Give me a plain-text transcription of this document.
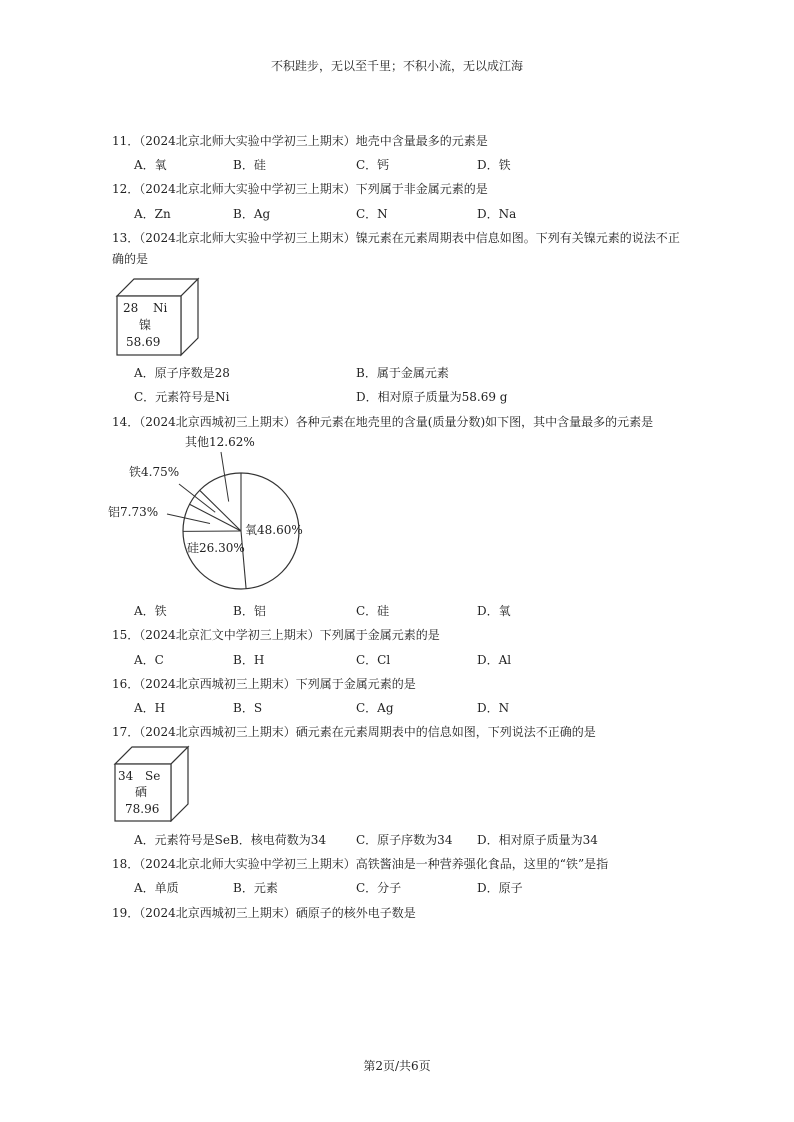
不积跬步，无以至千里；不积小流，无以成江海
11．（2024北京北师大实验中学初三上期末）地壳中含量最多的元素是
A．氧	B．硅	C．钙	D．铁
12．（2024北京北师大实验中学初三上期末）下列属于非金属元素的是
A．Zn	B．Ag	C．N	D．Na
13．（2024北京北师大实验中学初三上期末）镍元素在元素周期表中信息如图。下列有关镍元素的说法不正
确的是
28 Ni
镍
58.69
A．原子序数是28	B．属于金属元素
C．元素符号是Ni	D．相对原子质量为58.69 g
14．（2024北京西城初三上期末）各种元素在地壳里的含量(质量分数)如下图，其中含量最多的元素是
氧48.60%
硅26.30%
铝7.73%
铁4.75%
其他12.62%
A．铁	B．铝	C．硅	D．氧
15．（2024北京汇文中学初三上期末）下列属于金属元素的是
A．C	B．H	C．Cl	D．Al
16．（2024北京西城初三上期末）下列属于金属元素的是
A．H	B．S	C．Ag	D．N
17．（2024北京西城初三上期末）硒元素在元素周期表中的信息如图，下列说法不正确的是
34 Se
硒
78.96
A．元素符号是SeB．核电荷数为34 C．原子序数为34 D．相对原子质量为34
18．（2024北京北师大实验中学初三上期末）高铁酱油是一种营养强化食品，这里的“铁”是指
A．单质	B．元素	C．分子	D．原子
19．（2024北京西城初三上期末）硒原子的核外电子数是
第2页/共6页
